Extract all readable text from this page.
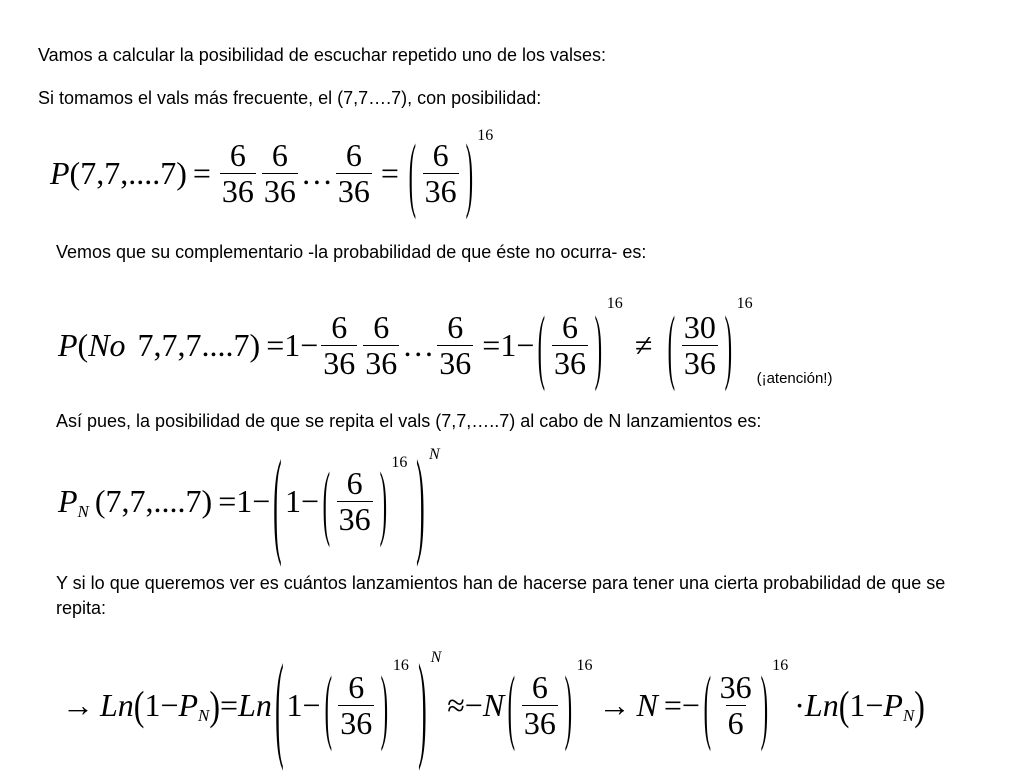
Vamos a calcular la posibilidad de escuchar repetido uno de los valses:

Si tomamos el vals más frecuente, el (7,7….7), con posibilidad:

P $(7,7,....7) = \frac{6}{36} \frac{6}{36}$ … $\frac{6}{36}$ = ( $\frac{6}{36}$ ) 16

Vemos que su complementario -la probabilidad de que éste no ocurra- es:

P ( No $7,7,7....7) = 1 - \frac{6}{36} \frac{6}{36}$ … $\frac{6}{36} = 1$ − ( $\frac{6}{36}$ ) 16
≠ ( $\frac{30}{36}$ ) 16
(¡atención!)

Así pues, la posibilidad de que se repita el vals (7,7,…..7) al cabo de N lanzamientos es:

P N (7,7,....7) = 1 − ( 1 − ( $\frac{6}{36}$ ) 16 ) N

Y si lo que queremos ver es cuántos lanzamientos han de hacerse para tener una cierta probabilidad de que se repita:

→ Ln ( 1 − P N ) = Ln ( 1 − ( $\frac{6}{36}$ ) 16 ) N
≈ − N ( $\frac{6}{36}$ ) 16
→ N = − ( $\frac{36}{6}$ ) 16
· Ln ( 1 − P N )
